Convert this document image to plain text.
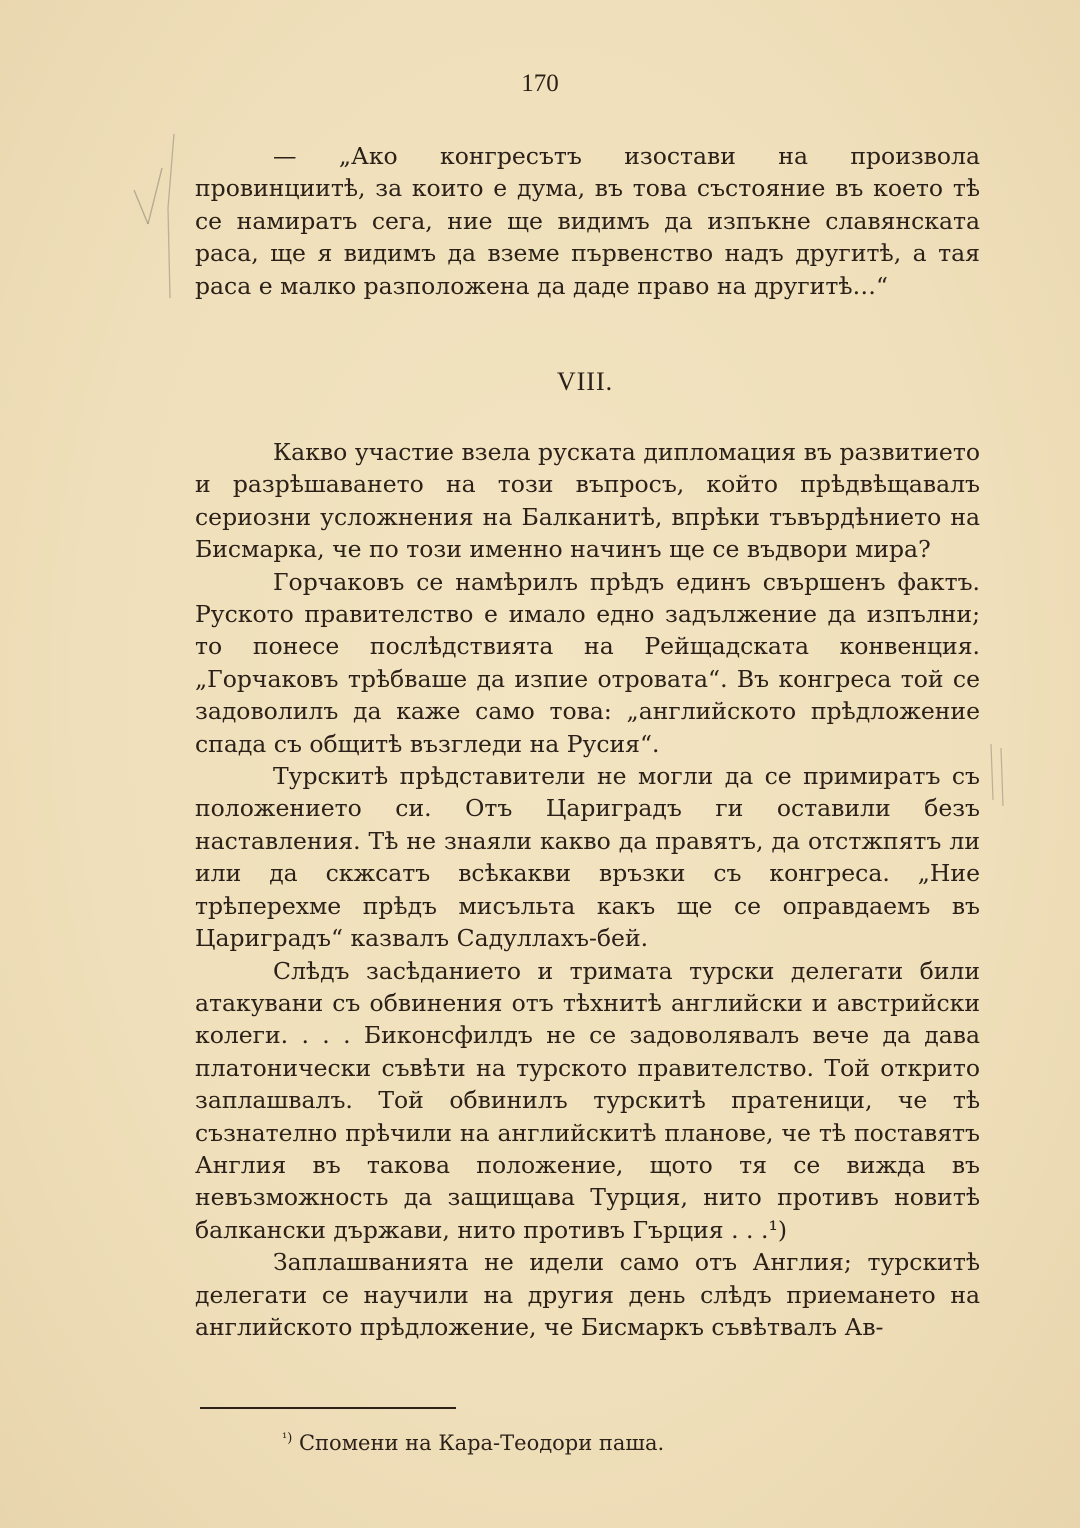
170

— „Ако конгресътъ изостави на произвола провинциитѣ, за които е дума, въ това състояние въ което тѣ се намиратъ сега, ние ще видимъ да изпъкне славянската раса, ще я видимъ да вземе първенство надъ другитѣ, а тая раса е малко разположена да даде право на другитѣ…“

VIII.

Какво участие взела руската дипломация въ развитието и разрѣшаването на този въпросъ, който прѣдвѣщавалъ сериозни усложнения на Балканитѣ, впрѣки тъвърдѣнието на Бисмарка, че по този именно начинъ ще се въдвори мира?

Горчаковъ се намѣрилъ прѣдъ единъ свършенъ фактъ. Руското правителство е имало едно задължение да изпълни; то понесе послѣдствията на Рейщадската конвенция. „Горчаковъ трѣбваше да изпие отровата“. Въ конгреса той се задоволилъ да каже само това: „английското прѣдложение спада съ общитѣ възгледи на Русия“.

Турскитѣ прѣдставители не могли да се примиратъ съ положението си. Отъ Цариградъ ги оставили безъ наставления. Тѣ не знаяли какво да правятъ, да отстжпятъ ли или да скжсатъ всѣкакви връзки съ конгреса. „Ние трѣперехме прѣдъ мисъльта какъ ще се оправдаемъ въ Цариградъ“ казвалъ Садуллахъ-бей.

Слѣдъ засѣданието и тримата турски делегати били атакувани съ обвинения отъ тѣхнитѣ английски и австрийски колеги. . . . Биконсфилдъ не се задоволявалъ вече да дава платонически съвѣти на турското правителство. Той открито заплашвалъ. Той обвинилъ турскитѣ пратеници, че тѣ съзнателно прѣчили на английскитѣ планове, че тѣ поставятъ Англия въ такова положение, щото тя се вижда въ невъзможность да защищава Турция, нито противъ новитѣ балкански държави, нито противъ Гърция . . .¹)

Заплашванията не идели само отъ Англия; турскитѣ делегати се научили на другия день слѣдъ приемането на английското прѣдложение, че Бисмаркъ съвѣтвалъ Ав-

$^{^1)}$ Спомени на Кара-Теодори паша.
